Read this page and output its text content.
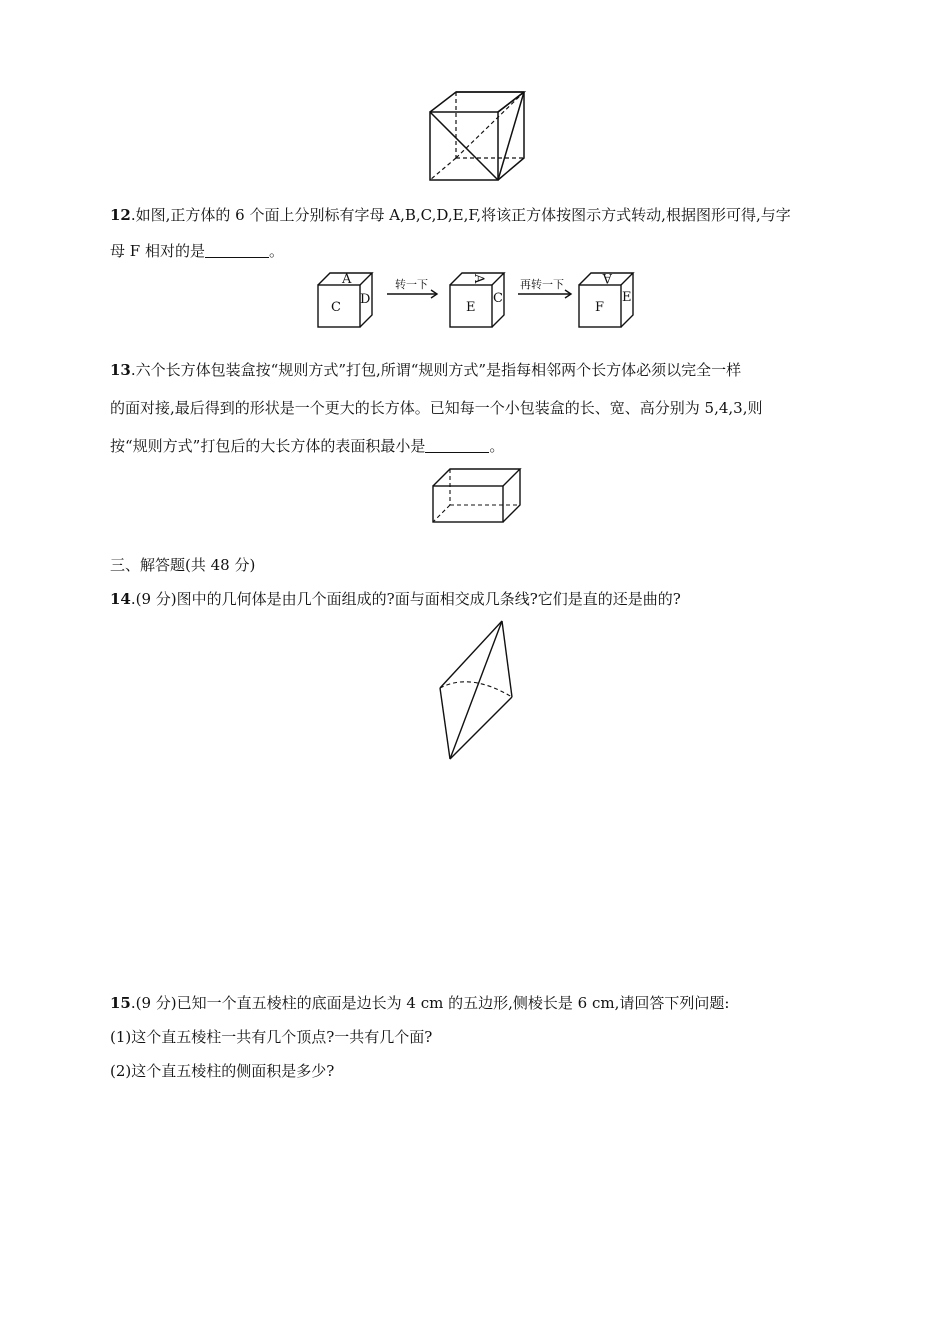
12.如图,正方体的 6 个面上分别标有字母 A,B,C,D,E,F,将该正方体按图示方式转动,根据图形可得,与字
母 F 相对的是	。
A
C
D
转一下	A
E
C
再转一下	A
F
E
13.六个长方体包装盒按“规则方式”打包,所谓“规则方式”是指每相邻两个长方体必须以完全一样
的面对接,最后得到的形状是一个更大的长方体。已知每一个小包装盒的长、宽、高分别为 5,4,3,则
按“规则方式”打包后的大长方体的表面积最小是	。
三、解答题(共 48 分)
14.(9 分)图中的几何体是由几个面组成的?面与面相交成几条线?它们是直的还是曲的?
15.(9 分)已知一个直五棱柱的底面是边长为 4 cm 的五边形,侧棱长是 6 cm,请回答下列问题:
(1)这个直五棱柱一共有几个顶点?一共有几个面?
(2)这个直五棱柱的侧面积是多少?
